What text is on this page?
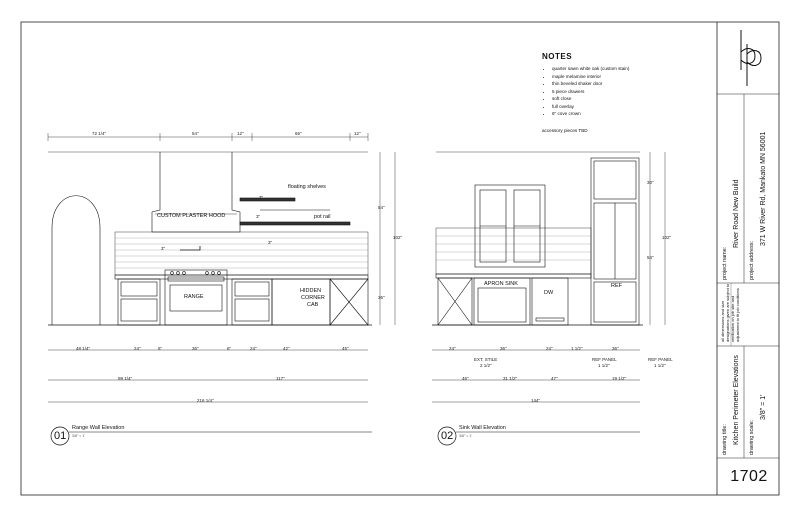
NOTES
• quarter sawn white oak (custom stain)
• maple melamine interior
• thin beveled shaker door
• 5 piece drawers
• soft close
• full overlay
• 6" cove crown
accessory pieces TBD
project name:
River Road New Build
project address:
371 W River Rd, Mankato MN 56001
all dimensions and size designations given are subject to verification on job site and adjustment to fit job conditions
drawing title: Kitchen Perimeter Elevations drawing scale:
3/8" = 1'
1702
CUSTOM PLASTER HOOD
RANGE
HIDDEN
CORNER
CAB
floating shelves
pot rail
72 1/4"	54"	12"	66"	12"
48 1/4"	24"	6"	36"	6"	24"	42"	45"
99 1/4"	117"
216 1/4"
54"
102"
36"
3"
3"
3"
3"
APRON SINK
DW
REF
EXT. STILE
2 1/2"
REF PANEL
1 1/2"
REF PANEL
1 1/2"
24"	36"	24"	1 1/2"	36"
46"	31 1/2"	47"	19 1/2"
144"
30"
54"
102"
01
Range Wall Elevation
3/8" = 1'	02
Sink Wall Elevation
3/8" = 1'
